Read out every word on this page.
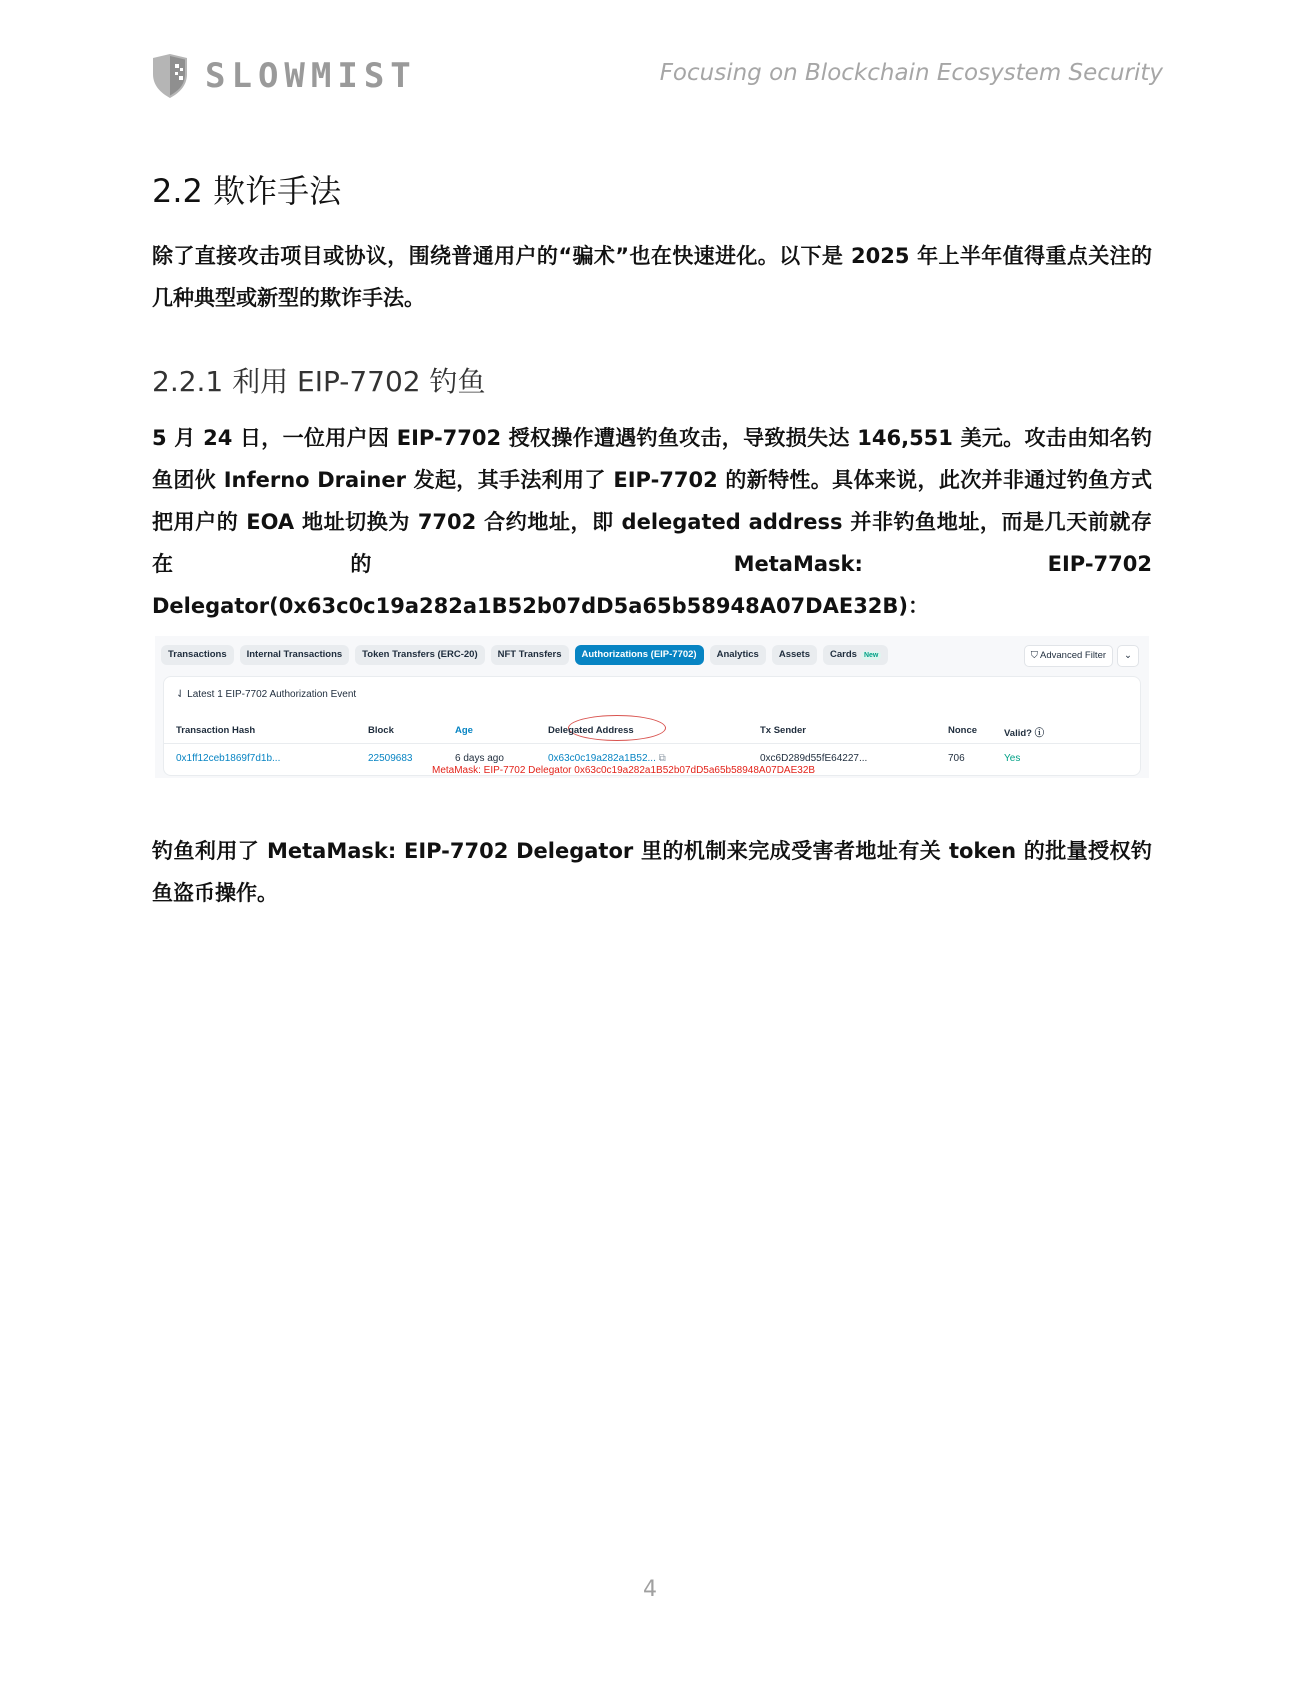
SLOWMIST	Focusing on Blockchain Ecosystem Security
2.2 欺诈手法
除了直接攻击项目或协议，围绕普通用户的“骗术”也在快速进化。以下是 2025 年上半年值得重点关注的几种典型或新型的欺诈手法。
2.2.1 利用 EIP-7702 钓鱼
5 月 24 日，一位用户因 EIP-7702 授权操作遭遇钓鱼攻击，导致损失达 146,551 美元。攻击由知名钓鱼团伙 Inferno Drainer 发起，其手法利用了 EIP-7702 的新特性。具体来说，此次并非通过钓鱼方式把用户的 EOA 地址切换为 7702 合约地址，即 delegated address 并非钓鱼地址，而是几天前就存在的 MetaMask: EIP-7702 Delegator(0x63c0c19a282a1B52b07dD5a65b58948A07DAE32B)：
Transactions	Internal Transactions	Token Transfers (ERC-20)	NFT Transfers	Authorizations (EIP-7702)	Analytics	Assets	Cards New	⛉ Advanced Filter	⌄
⇃ Latest 1 EIP-7702 Authorization Event
Transaction Hash	Block	Age	Delegated Address	Tx Sender	Nonce	Valid? ⓘ
0x1ff12ceb1869f7d1b...	22509683	6 days ago	0x63c0c19a282a1B52... ⧉	0xc6D289d55fE64227...	706	Yes
MetaMask: EIP-7702 Delegator 0x63c0c19a282a1B52b07dD5a65b58948A07DAE32B
钓鱼利用了 MetaMask: EIP-7702 Delegator 里的机制来完成受害者地址有关 token 的批量授权钓鱼盗币操作。
4
